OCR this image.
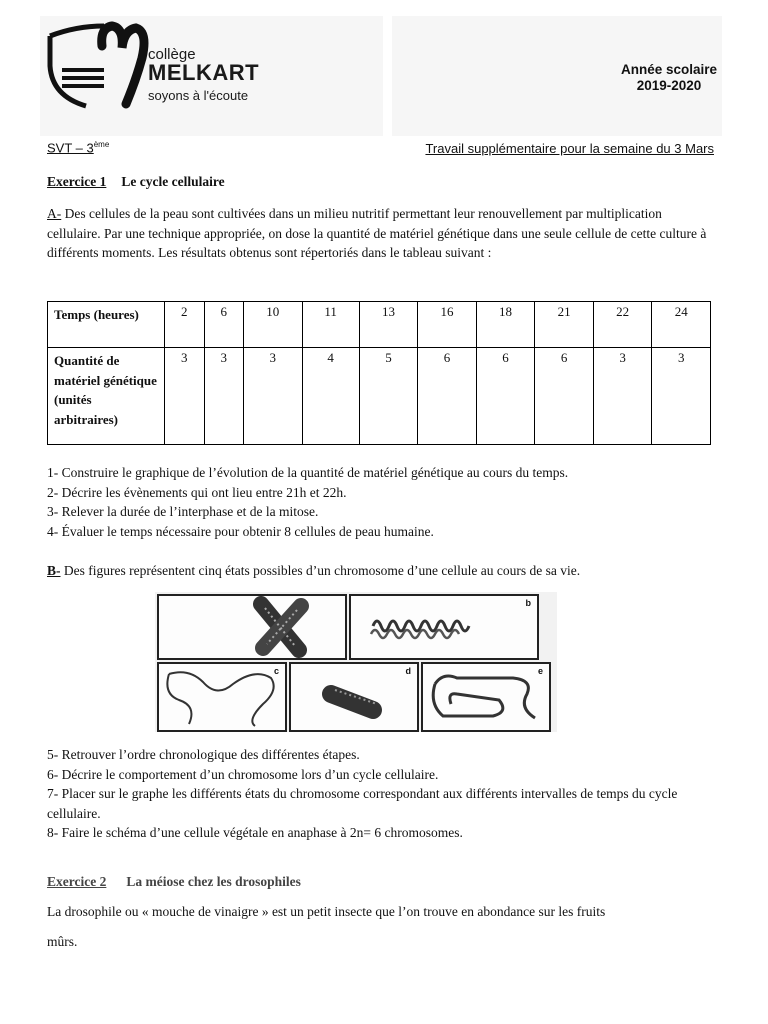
collège
MELKART
soyons à l'écoute
Année scolaire
2019-2020
SVT – 3ème	Travail supplémentaire pour la semaine du 3 Mars
Exercice 1 Le cycle cellulaire
A- Des cellules de la peau sont cultivées dans un milieu nutritif permettant leur renouvellement par multiplication cellulaire. Par une technique appropriée, on dose la quantité de matériel génétique dans une seule cellule de cette culture à différents moments. Les résultats obtenus sont répertoriés dans le tableau suivant :
Temps (heures)	2	6	10	11	13	16	18	21	22	24
Quantité de matériel génétique (unités arbitraires)	3	3	3	4	5	6	6	6	3	3
1- Construire le graphique de l’évolution de la quantité de matériel génétique au cours du temps.
2- Décrire les évènements qui ont lieu entre 21h et 22h.
3- Relever la durée de l’interphase et de la mitose.
4- Évaluer le temps nécessaire pour obtenir 8 cellules de peau humaine.
B- Des figures représentent cinq états possibles d’un chromosome d’une cellule au cours de sa vie.
b
c	d	e
5- Retrouver l’ordre chronologique des différentes étapes.
6- Décrire le comportement d’un chromosome lors d’un cycle cellulaire.
7- Placer sur le graphe les différents états du chromosome correspondant aux différents intervalles de temps du cycle cellulaire.
8- Faire le schéma d’une cellule végétale en anaphase à 2n= 6 chromosomes.
Exercice 2 La méiose chez les drosophiles
La drosophile ou « mouche de vinaigre » est un petit insecte que l’on trouve en abondance sur les fruits
mûrs.
